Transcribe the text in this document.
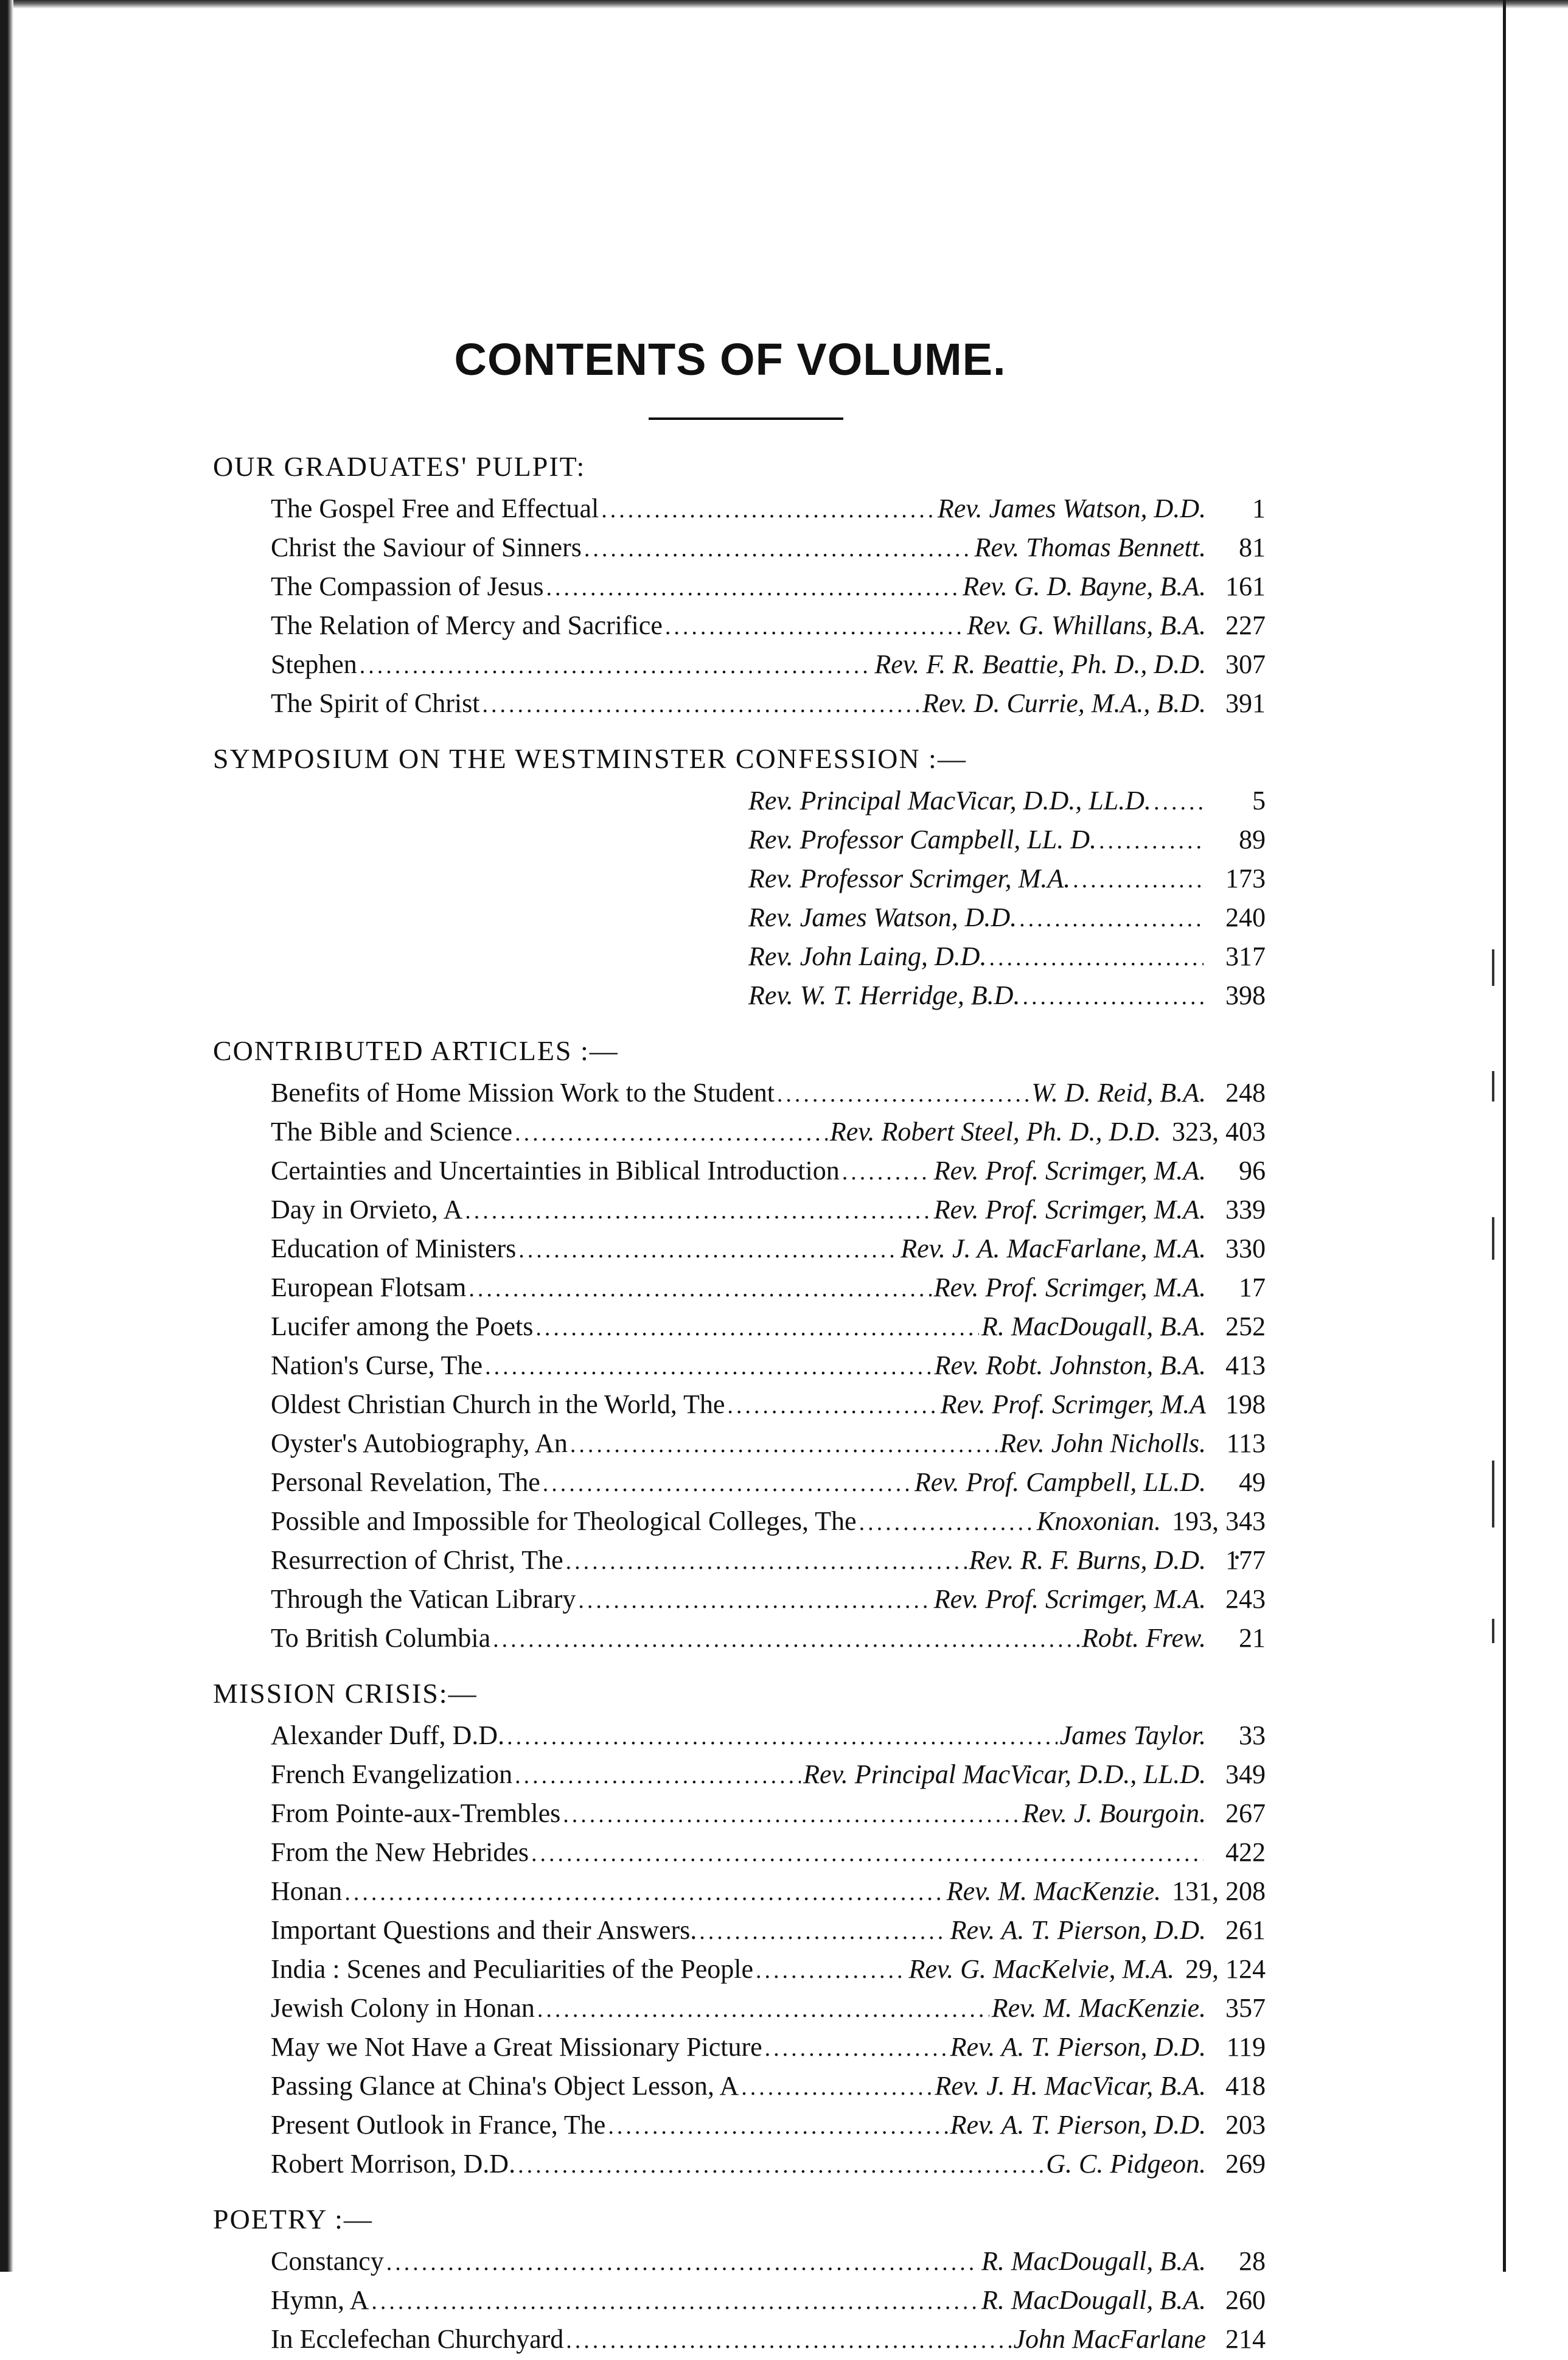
CONTENTS OF VOLUME.
OUR GRADUATES' PULPIT:
The Gospel Free and Effectual .....	Rev. James Watson, D.D.	1
Christ the Saviour of Sinners .....	Rev. Thomas Bennett.	81
The Compassion of Jesus .....	Rev. G. D. Bayne, B.A. 161
The Relation of Mercy and Sacrifice .....	Rev. G. Whillans, B.A. 227
Stephen .....	Rev. F. R. Beattie, Ph. D., D.D. 307
The Spirit of Christ .....	Rev. D. Currie, M.A., B.D. 391
SYMPOSIUM ON THE WESTMINSTER CONFESSION :—
Rev. Principal MacVicar, D.D., LL.D. .....	5
Rev. Professor Campbell, LL. D. .....	89
Rev. Professor Scrimger, M.A. .....	173
Rev. James Watson, D.D. .....	240
Rev. John Laing, D.D. .....	317
Rev. W. T. Herridge, B.D. .....	398
CONTRIBUTED ARTICLES :—
Benefits of Home Mission Work to the Student .....	W. D. Reid, B.A. 248
The Bible and Science .....	Rev. Robert Steel, Ph. D., D.D. 323, 403
Certainties and Uncertainties in Biblical Introduction .....	Rev. Prof. Scrimger, M.A.	96
Day in Orvieto, A .....	Rev. Prof. Scrimger, M.A. 339
Education of Ministers .....	Rev. J. A. MacFarlane, M.A. 330
European Flotsam .....	Rev. Prof. Scrimger, M.A.	17
Lucifer among the Poets .....	R. MacDougall, B.A. 252
Nation's Curse, The .....	Rev. Robt. Johnston, B.A. 413
Oldest Christian Church in the World, The .....	Rev. Prof. Scrimger, M.A 198
Oyster's Autobiography, An .....	Rev. John Nicholls. 113
Personal Revelation, The .....	Rev. Prof. Campbell, LL.D.	49
Possible and Impossible for Theological Colleges, The .....	Knoxonian. 193, 343
Resurrection of Christ, The .....	Rev. R. F. Burns, D.D. 177
Through the Vatican Library .....	Rev. Prof. Scrimger, M.A. 243
To British Columbia .....	Robt. Frew.	21
MISSION CRISIS:—
Alexander Duff, D.D. .....	James Taylor.	33
French Evangelization .....	Rev. Principal MacVicar, D.D., LL.D. 349
From Pointe-aux-Trembles .....	Rev. J. Bourgoin. 267
From the New Hebrides .....	422
Honan .....	Rev. M. MacKenzie. 131, 208
Important Questions and their Answers. .....	Rev. A. T. Pierson, D.D. 261
India : Scenes and Peculiarities of the People .....	Rev. G. MacKelvie, M.A. 29, 124
Jewish Colony in Honan .....	Rev. M. MacKenzie. 357
May we Not Have a Great Missionary Picture .....	Rev. A. T. Pierson, D.D. 119
Passing Glance at China's Object Lesson, A .....	Rev. J. H. MacVicar, B.A. 418
Present Outlook in France, The .....	Rev. A. T. Pierson, D.D. 203
Robert Morrison, D.D. .....	G. C. Pidgeon. 269
POETRY :—
Constancy .....	R. MacDougall, B.A.	28
Hymn, A .....	R. MacDougall, B.A. 260
In Ecclefechan Churchyard .....	John MacFarlane 214
